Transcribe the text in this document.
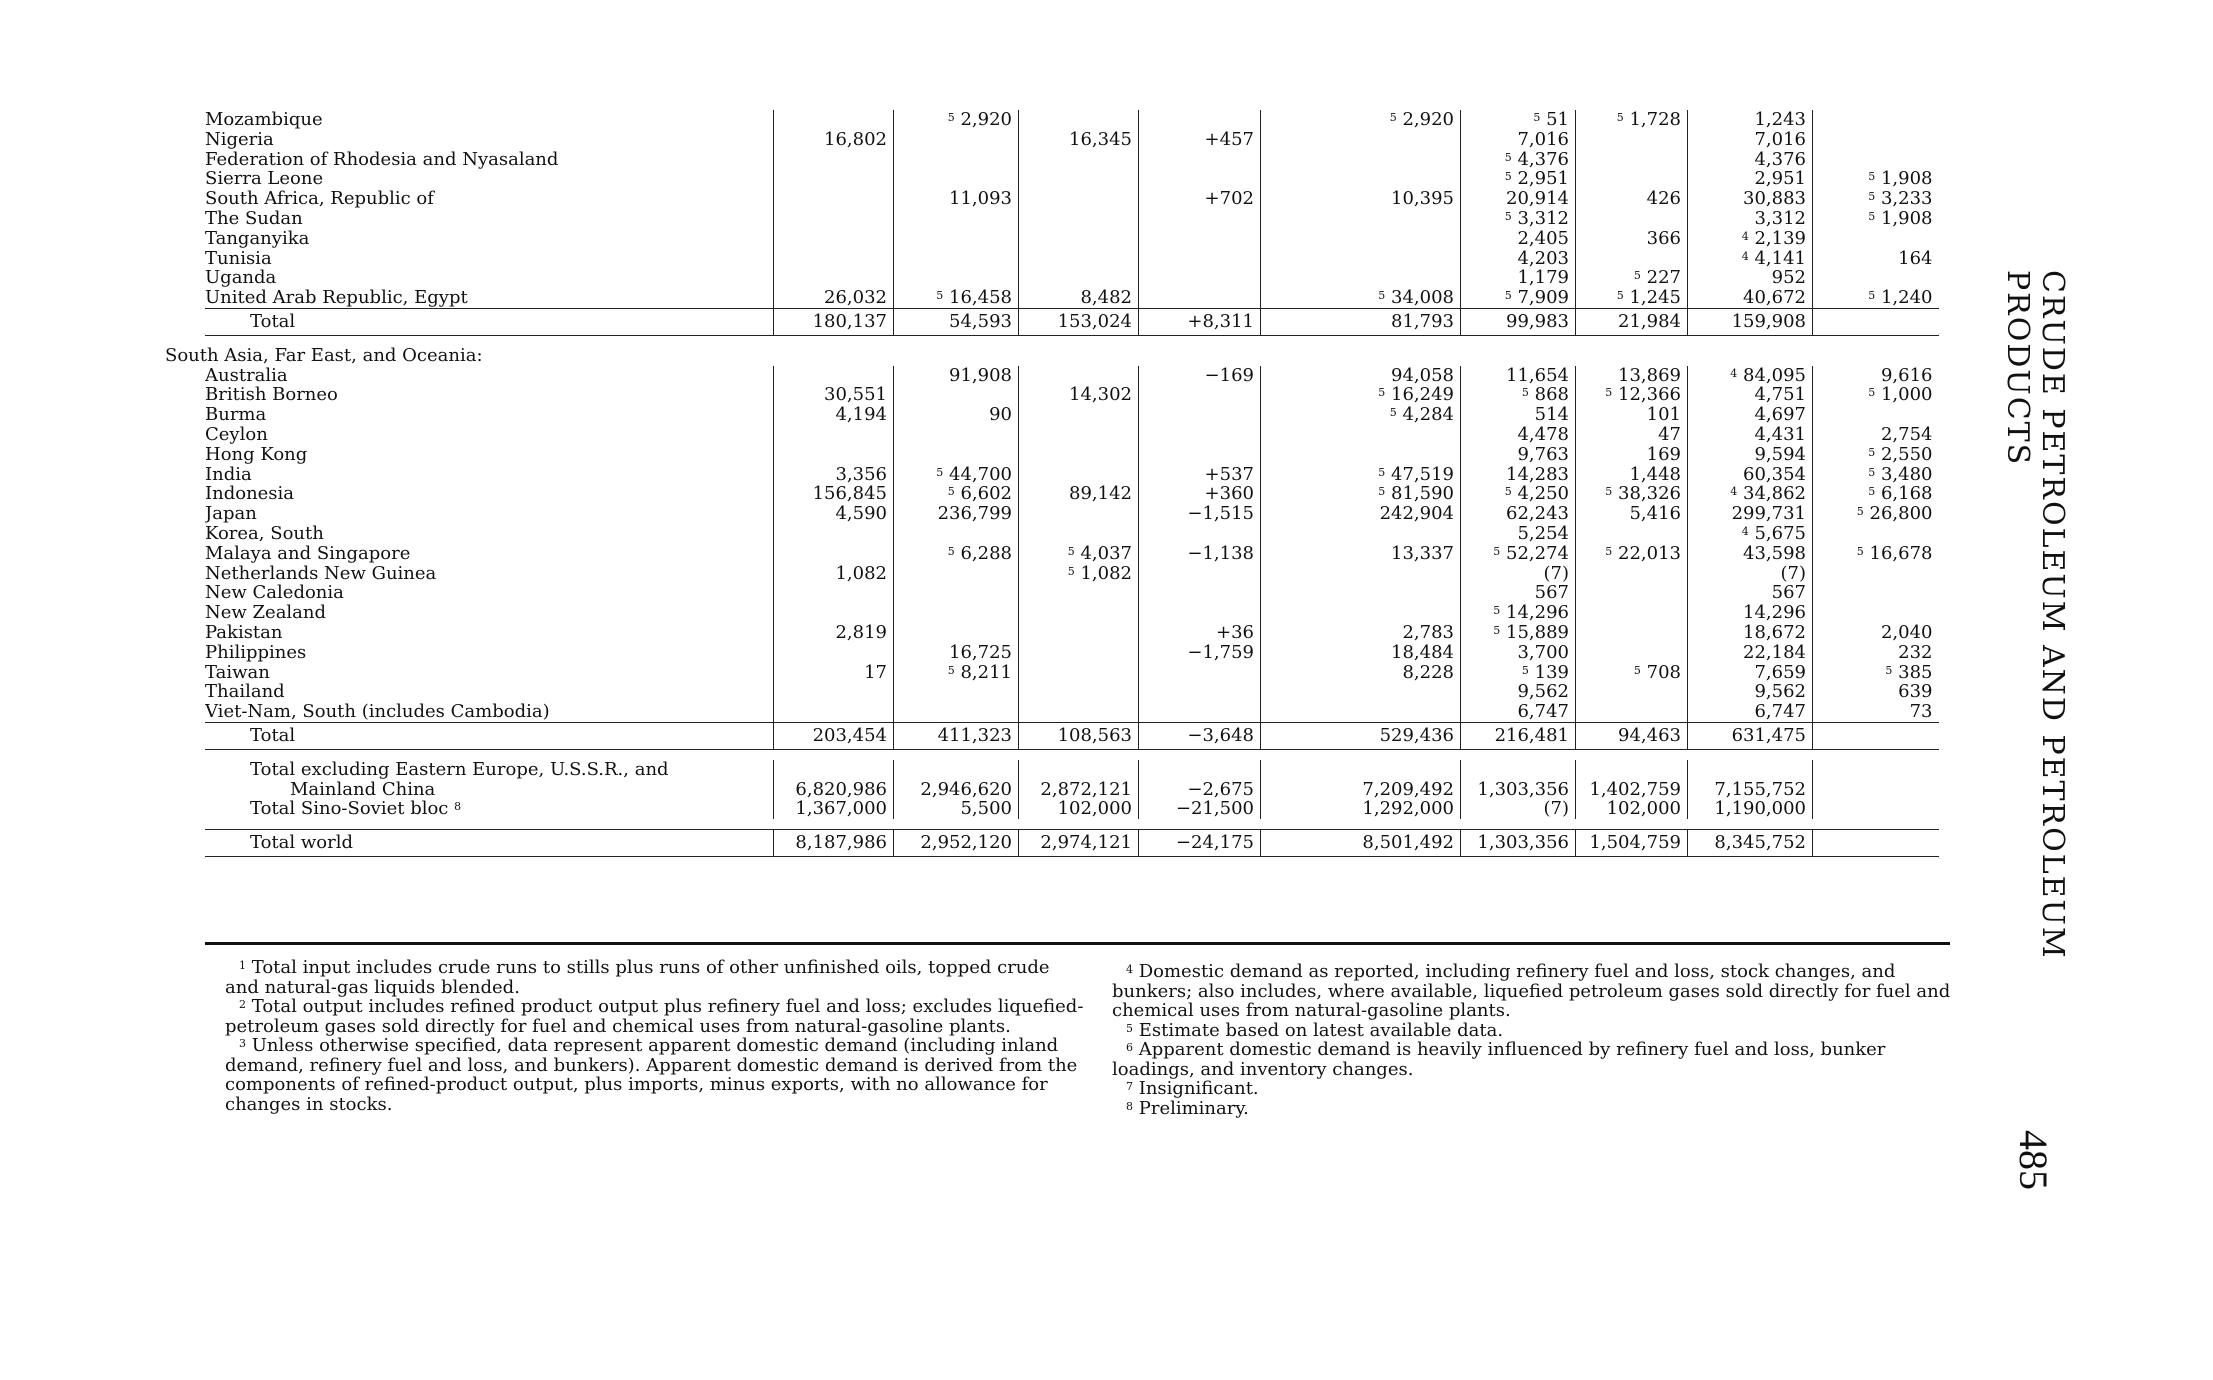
Mozambique		$^5$ 2,920			$^5$ 2,920	$^5$ 51	$^5$ 1,728	1,243	
Nigeria	16,802		16,345	+457		7,016		7,016	
Federation of Rhodesia and Nyasaland						$^5$ 4,376		4,376	
Sierra Leone						$^5$ 2,951		2,951	$^5$ 1,908
South Africa, Republic of		11,093		+702	10,395	20,914	426	30,883	$^5$ 3,233
The Sudan						$^5$ 3,312		3,312	$^5$ 1,908
Tanganyika						2,405	366	$^4$ 2,139	
Tunisia						4,203		$^4$ 4,141	164
Uganda						1,179	$^5$ 227	952	
United Arab Republic, Egypt	26,032	$^5$ 16,458	8,482		$^5$ 34,008	$^5$ 7,909	$^5$ 1,245	40,672	$^5$ 1,240
Total	180,137	54,593	153,024	+8,311	81,793	99,983	21,984	159,908	

South Asia, Far East, and Oceania:
Australia		91,908		−169	94,058	11,654	13,869	$^4$ 84,095	9,616
British Borneo	30,551		14,302		$^5$ 16,249	$^5$ 868	$^5$ 12,366	4,751	$^5$ 1,000
Burma	4,194	90			$^5$ 4,284	514	101	4,697	
Ceylon						4,478	47	4,431	2,754
Hong Kong						9,763	169	9,594	$^5$ 2,550
India	3,356	$^5$ 44,700		+537	$^5$ 47,519	14,283	1,448	60,354	$^5$ 3,480
Indonesia	156,845	$^5$ 6,602	89,142	+360	$^5$ 81,590	$^5$ 4,250	$^5$ 38,326	$^4$ 34,862	$^5$ 6,168
Japan	4,590	236,799		−1,515	242,904	62,243	5,416	299,731	$^5$ 26,800
Korea, South						5,254		$^4$ 5,675	
Malaya and Singapore		$^5$ 6,288	$^5$ 4,037	−1,138	13,337	$^5$ 52,274	$^5$ 22,013	43,598	$^5$ 16,678
Netherlands New Guinea	1,082		$^5$ 1,082			(7)		(7)	
New Caledonia						567		567	
New Zealand						$^5$ 14,296		14,296	
Pakistan	2,819			+36	2,783	$^5$ 15,889		18,672	2,040
Philippines		16,725		−1,759	18,484	3,700		22,184	232
Taiwan	17	$^5$ 8,211			8,228	$^5$ 139	$^5$ 708	7,659	$^5$ 385
Thailand						9,562		9,562	639
Viet-Nam, South (includes Cambodia)						6,747		6,747	73
Total	203,454	411,323	108,563	−3,648	529,436	216,481	94,463	631,475	

Total excluding Eastern Europe, U.S.S.R., and									
Mainland China	6,820,986	2,946,620	2,872,121	−2,675	7,209,492	1,303,356	1,402,759	7,155,752	
Total Sino-Soviet bloc $^8$	1,367,000	5,500	102,000	−21,500	1,292,000	(7)	102,000	1,190,000	

Total world	8,187,986	2,952,120	2,974,121	−24,175	8,501,492	1,303,356	1,504,759	8,345,752	

$^1$ Total input includes crude runs to stills plus runs of other unfinished oils, topped crude and natural-gas liquids blended.

$^2$ Total output includes refined product output plus refinery fuel and loss; excludes liquefied-petroleum gases sold directly for fuel and chemical uses from natural-gasoline plants.

$^3$ Unless otherwise specified, data represent apparent domestic demand (including inland demand, refinery fuel and loss, and bunkers). Apparent domestic demand is derived from the components of refined-product output, plus imports, minus exports, with no allowance for changes in stocks.

$^4$ Domestic demand as reported, including refinery fuel and loss, stock changes, and bunkers; also includes, where available, liquefied petroleum gases sold directly for fuel and chemical uses from natural-gasoline plants.

$^5$ Estimate based on latest available data.

$^6$ Apparent domestic demand is heavily influenced by refinery fuel and loss, bunker loadings, and inventory changes.

$^7$ Insignificant.

$^8$ Preliminary.

CRUDE PETROLEUM AND PETROLEUM PRODUCTS
485
